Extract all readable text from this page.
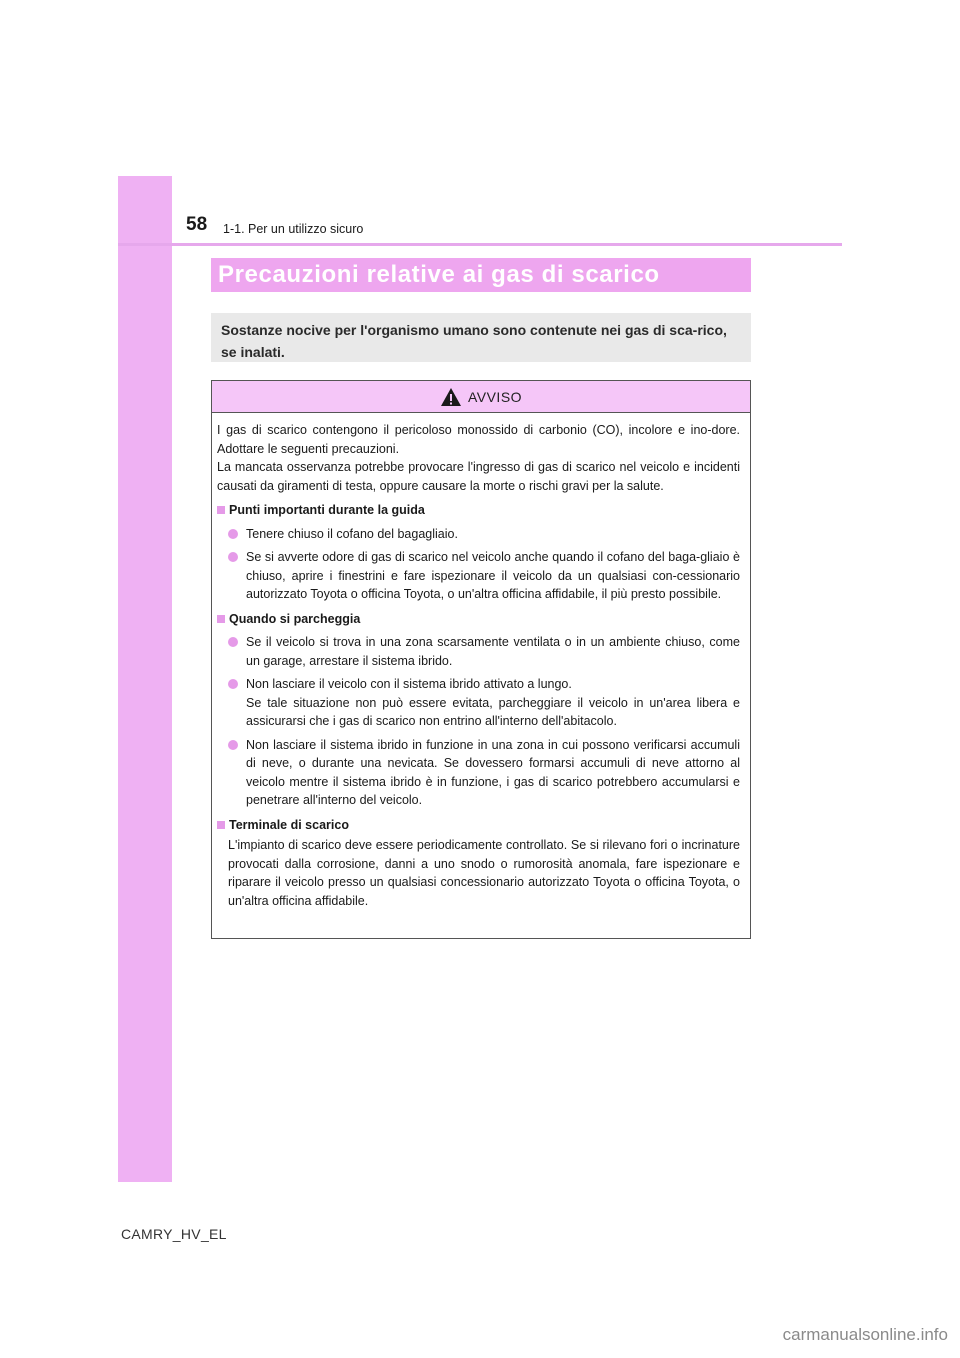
58 1-1. Per un utilizzo sicuro
Precauzioni relative ai gas di scarico
Sostanze nocive per l'organismo umano sono contenute nei gas di sca-rico, se inalati.
AVVISO

I gas di scarico contengono il pericoloso monossido di carbonio (CO), incolore e ino-dore. Adottare le seguenti precauzioni.

La mancata osservanza potrebbe provocare l'ingresso di gas di scarico nel veicolo e incidenti causati da giramenti di testa, oppure causare la morte o rischi gravi per la salute.

Punti importanti durante la guida
Tenere chiuso il cofano del bagagliaio.
Se si avverte odore di gas di scarico nel veicolo anche quando il cofano del baga-gliaio è chiuso, aprire i finestrini e fare ispezionare il veicolo da un qualsiasi con-cessionario autorizzato Toyota o officina Toyota, o un'altra officina affidabile, il più presto possibile.
Quando si parcheggia
Se il veicolo si trova in una zona scarsamente ventilata o in un ambiente chiuso, come un garage, arrestare il sistema ibrido.
Non lasciare il veicolo con il sistema ibrido attivato a lungo.
Se tale situazione non può essere evitata, parcheggiare il veicolo in un'area libera e assicurarsi che i gas di scarico non entrino all'interno dell'abitacolo.
Non lasciare il sistema ibrido in funzione in una zona in cui possono verificarsi accumuli di neve, o durante una nevicata. Se dovessero formarsi accumuli di neve attorno al veicolo mentre il sistema ibrido è in funzione, i gas di scarico potrebbero accumularsi e penetrare all'interno del veicolo.
Terminale di scarico
L'impianto di scarico deve essere periodicamente controllato. Se si rilevano fori o incrinature provocati dalla corrosione, danni a uno snodo o rumorosità anomala, fare ispezionare e riparare il veicolo presso un qualsiasi concessionario autorizzato Toyota o officina Toyota, o un'altra officina affidabile.
CAMRY_HV_EL
carmanualsonline.info
